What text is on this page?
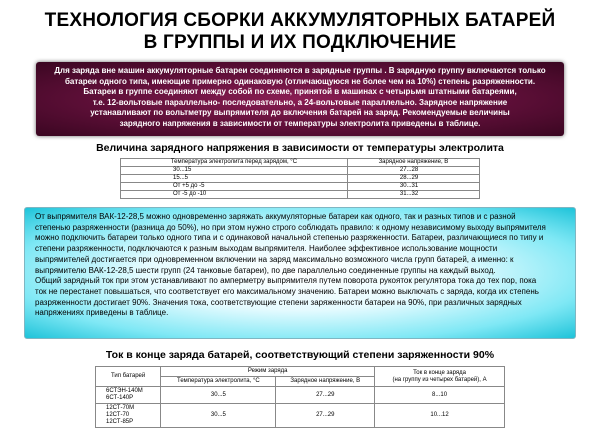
ТЕХНОЛОГИЯ СБОРКИ АККУМУЛЯТОРНЫХ БАТАРЕЙ
В ГРУППЫ И ИХ ПОДКЛЮЧЕНИЕ
Для заряда вне машин аккумуляторные батареи соединяются в зарядные группы . В зарядную группу включаются только
батареи одного типа, имеющие примерно одинаковую (отличающуюся не более чем на 10%) степень разряженности.
Батареи в группе соединяют между собой по схеме, принятой в машинах с четырьмя штатными батареями,
т.е. 12-вольтовые параллельно- последовательно, а 24-вольтовые параллельно. Зарядное напряжение
устанавливают по вольтметру выпрямителя до включения батарей на заряд. Рекомендуемые величины
зарядного напряжения в зависимости от температуры электролита приведены в таблице.
Величина зарядного напряжения в зависимости от температуры электролита
Температура электролита перед зарядом, °С	Зарядное напряжение, В
30...15	27...28
15...5	28...29
От +5 до -5	30...31
От -5 до -10	31...32
От выпрямителя ВАК-12-28,5 можно одновременно заряжать аккумуляторные батареи как одного, так и разных типов и с разной
степенью разряженности (разница до 50%), но при этом нужно строго соблюдать правило: к одному независимому выходу выпрямителя
можно подключить батареи только одного типа и с одинаковой начальной степенью разряженности. Батареи, различающиеся по типу и
степени разряженности, подключаются к разным выходам выпрямителя. Наиболее эффективное использование мощности
выпрямителей достигается при одновременном включении на заряд максимально возможного числа групп батарей, а именно: к
выпрямителю ВАК-12-28,5 шести групп (24 танковые батареи), по две параллельно соединенные группы на каждый выход.
Общий зарядный ток при этом устанавливают по амперметру выпрямителя путем поворота рукояток регулятора тока до тех пор, пока
ток не перестанет повышаться, что соответствует его максимальному значению. Батареи можно выключать с заряда, когда их степень
разряженности достигает 90%. Значения тока, соответствующие степени заряженности батареи на 90%, при различных зарядных
напряжениях приведены в таблице.
Ток в конце заряда батарей, соответствующий степени заряженности 90%
Тип батарей	Режим заряда		Ток в конце заряда
(на группу из четырех батарей), А

	Температура электролита, °С	Зарядное напряжение, В	

6СТЭН-140М
6СТ-140Р	30...5	27...29	8...10

12СТ-70М
12СТ-70
12СТ-85Р	30...5	27...29	10...12
